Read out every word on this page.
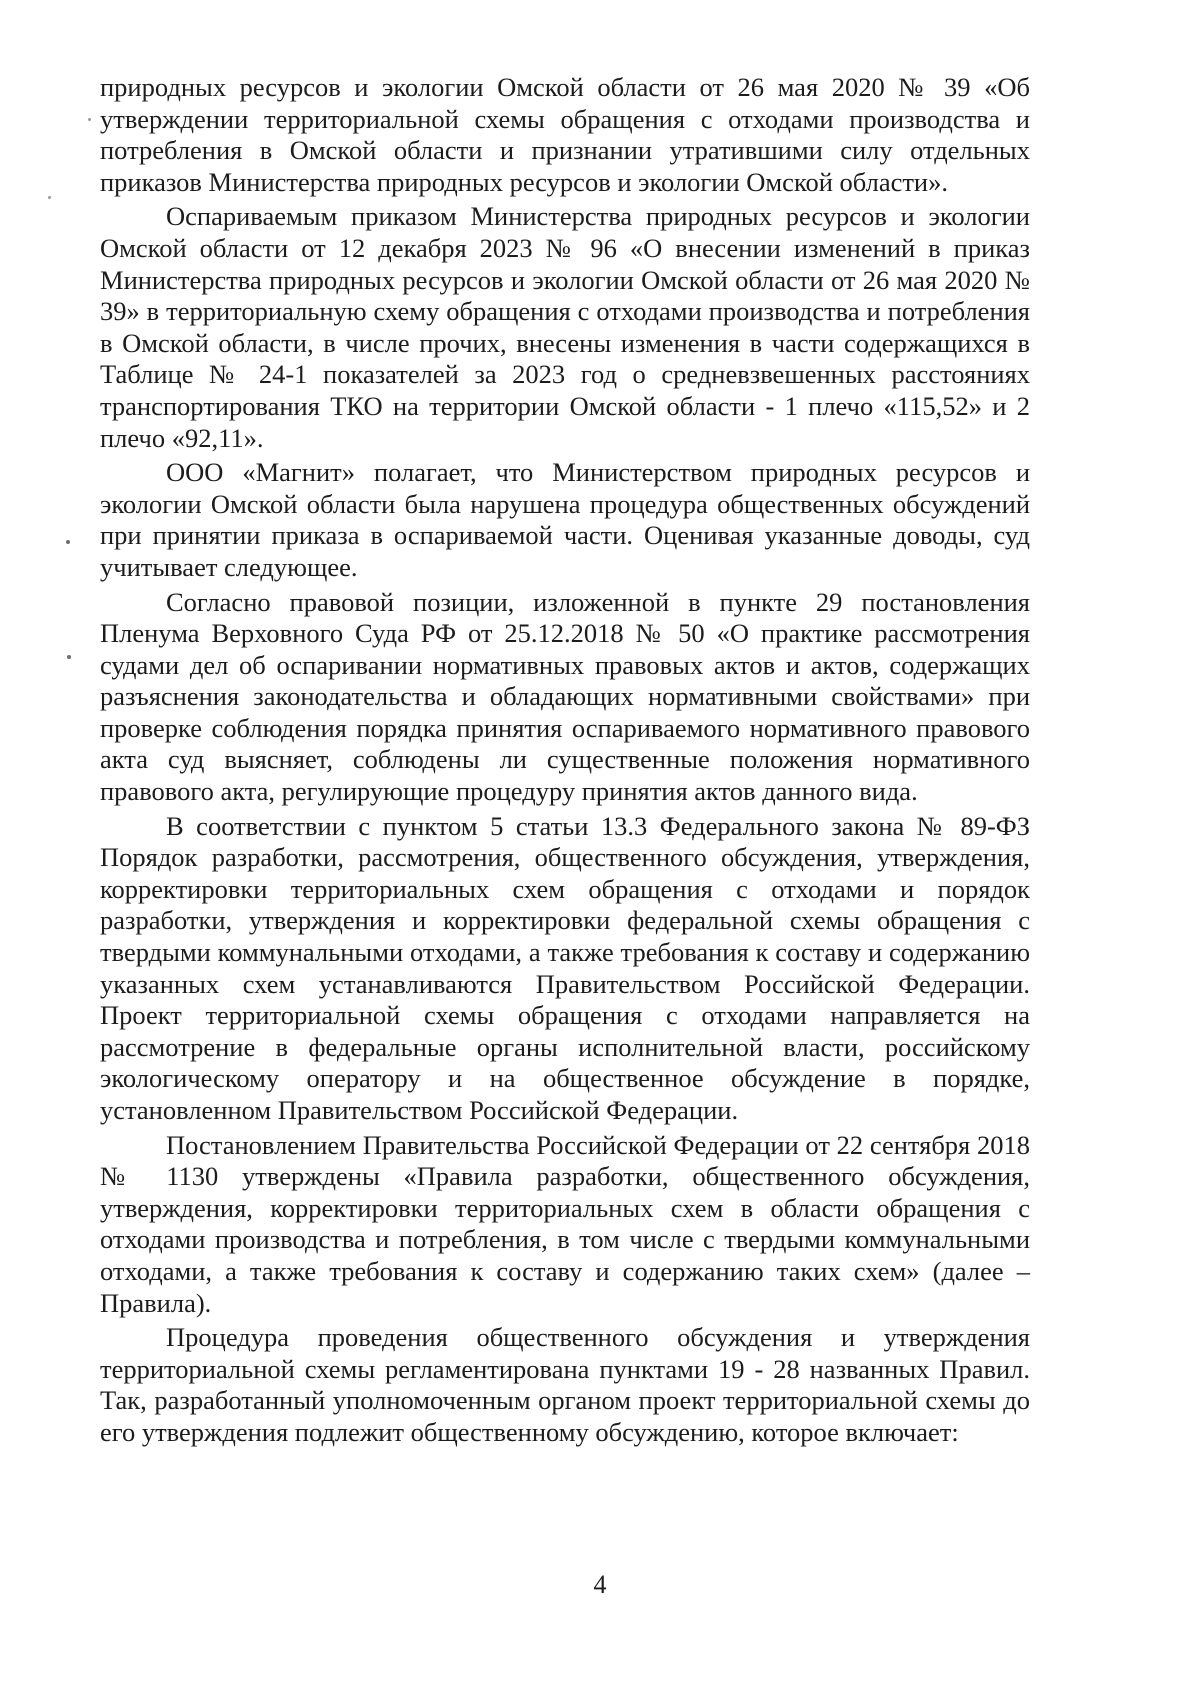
природных ресурсов и экологии Омской области от 26 мая 2020 № 39 «Об утверждении территориальной схемы обращения с отходами производства и потребления в Омской области и признании утратившими силу отдельных приказов Министерства природных ресурсов и экологии Омской области».

Оспариваемым приказом Министерства природных ресурсов и экологии Омской области от 12 декабря 2023 № 96 «О внесении изменений в приказ Министерства природных ресурсов и экологии Омской области от 26 мая 2020 № 39» в территориальную схему обращения с отходами производства и потребления в Омской области, в числе прочих, внесены изменения в части содержащихся в Таблице № 24-1 показателей за 2023 год о средневзвешенных расстояниях транспортирования ТКО на территории Омской области - 1 плечо «115,52» и 2 плечо «92,11».

ООО «Магнит» полагает, что Министерством природных ресурсов и экологии Омской области была нарушена процедура общественных обсуждений при принятии приказа в оспариваемой части. Оценивая указанные доводы, суд учитывает следующее.

Согласно правовой позиции, изложенной в пункте 29 постановления Пленума Верховного Суда РФ от 25.12.2018 № 50 «О практике рассмотрения судами дел об оспаривании нормативных правовых актов и актов, содержащих разъяснения законодательства и обладающих нормативными свойствами» при проверке соблюдения порядка принятия оспариваемого нормативного правового акта суд выясняет, соблюдены ли существенные положения нормативного правового акта, регулирующие процедуру принятия актов данного вида.

В соответствии с пунктом 5 статьи 13.3 Федерального закона № 89-ФЗ Порядок разработки, рассмотрения, общественного обсуждения, утверждения, корректировки территориальных схем обращения с отходами и порядок разработки, утверждения и корректировки федеральной схемы обращения с твердыми коммунальными отходами, а также требования к составу и содержанию указанных схем устанавливаются Правительством Российской Федерации. Проект территориальной схемы обращения с отходами направляется на рассмотрение в федеральные органы исполнительной власти, российскому экологическому оператору и на общественное обсуждение в порядке, установленном Правительством Российской Федерации.

Постановлением Правительства Российской Федерации от 22 сентября 2018 № 1130 утверждены «Правила разработки, общественного обсуждения, утверждения, корректировки территориальных схем в области обращения с отходами производства и потребления, в том числе с твердыми коммунальными отходами, а также требования к составу и содержанию таких схем» (далее –Правила).

Процедура проведения общественного обсуждения и утверждения территориальной схемы регламентирована пунктами 19 - 28 названных Правил. Так, разработанный уполномоченным органом проект территориальной схемы до его утверждения подлежит общественному обсуждению, которое включает:

4
